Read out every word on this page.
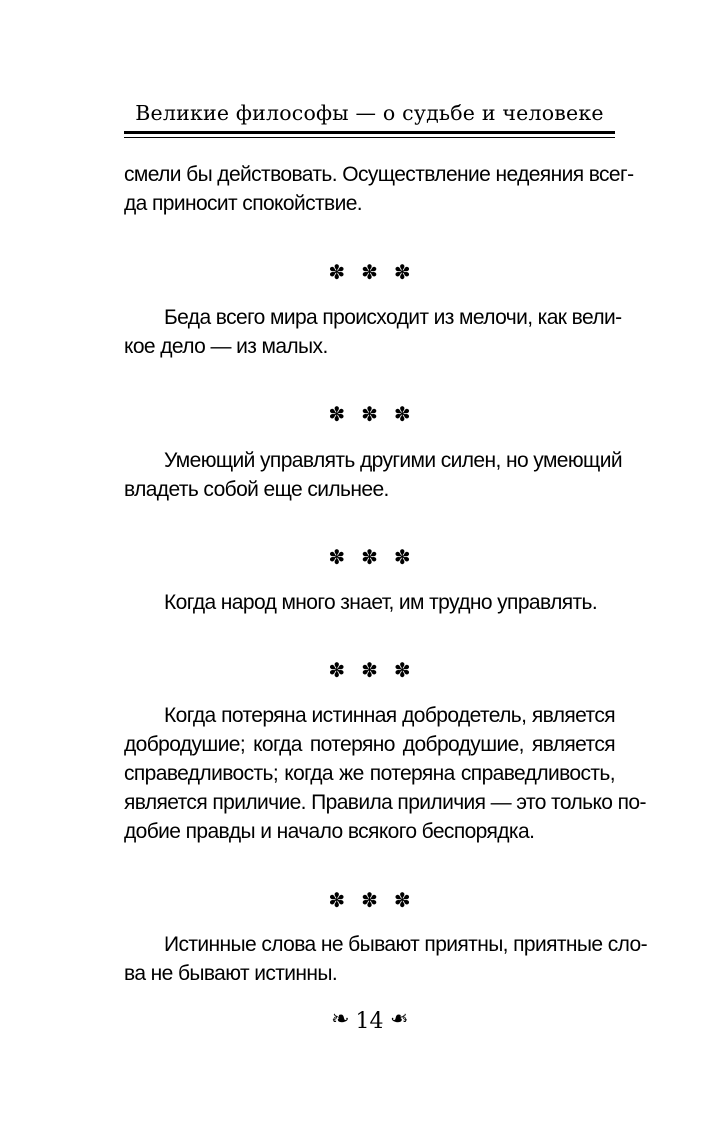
Великие философы — о судьбе и человеке
смели бы действовать. Осуществление недеяния всег-
да приносит спокойствие.
✽ ✽ ✽
Беда всего мира происходит из мелочи, как вели-
кое дело — из малых.
✽ ✽ ✽
Умеющий управлять другими силен, но умеющий
владеть собой еще сильнее.
✽ ✽ ✽
Когда народ много знает, им трудно управлять.
✽ ✽ ✽
Когда потеряна истинная добродетель, является
добродушие; когда потеряно добродушие, является
справедливость; когда же потеряна справедливость,
является приличие. Правила приличия — это только по-
добие правды и начало всякого беспорядка.
✽ ✽ ✽
Истинные слова не бывают приятны, приятные сло-
ва не бывают истинны.
❧ 14 ❧
